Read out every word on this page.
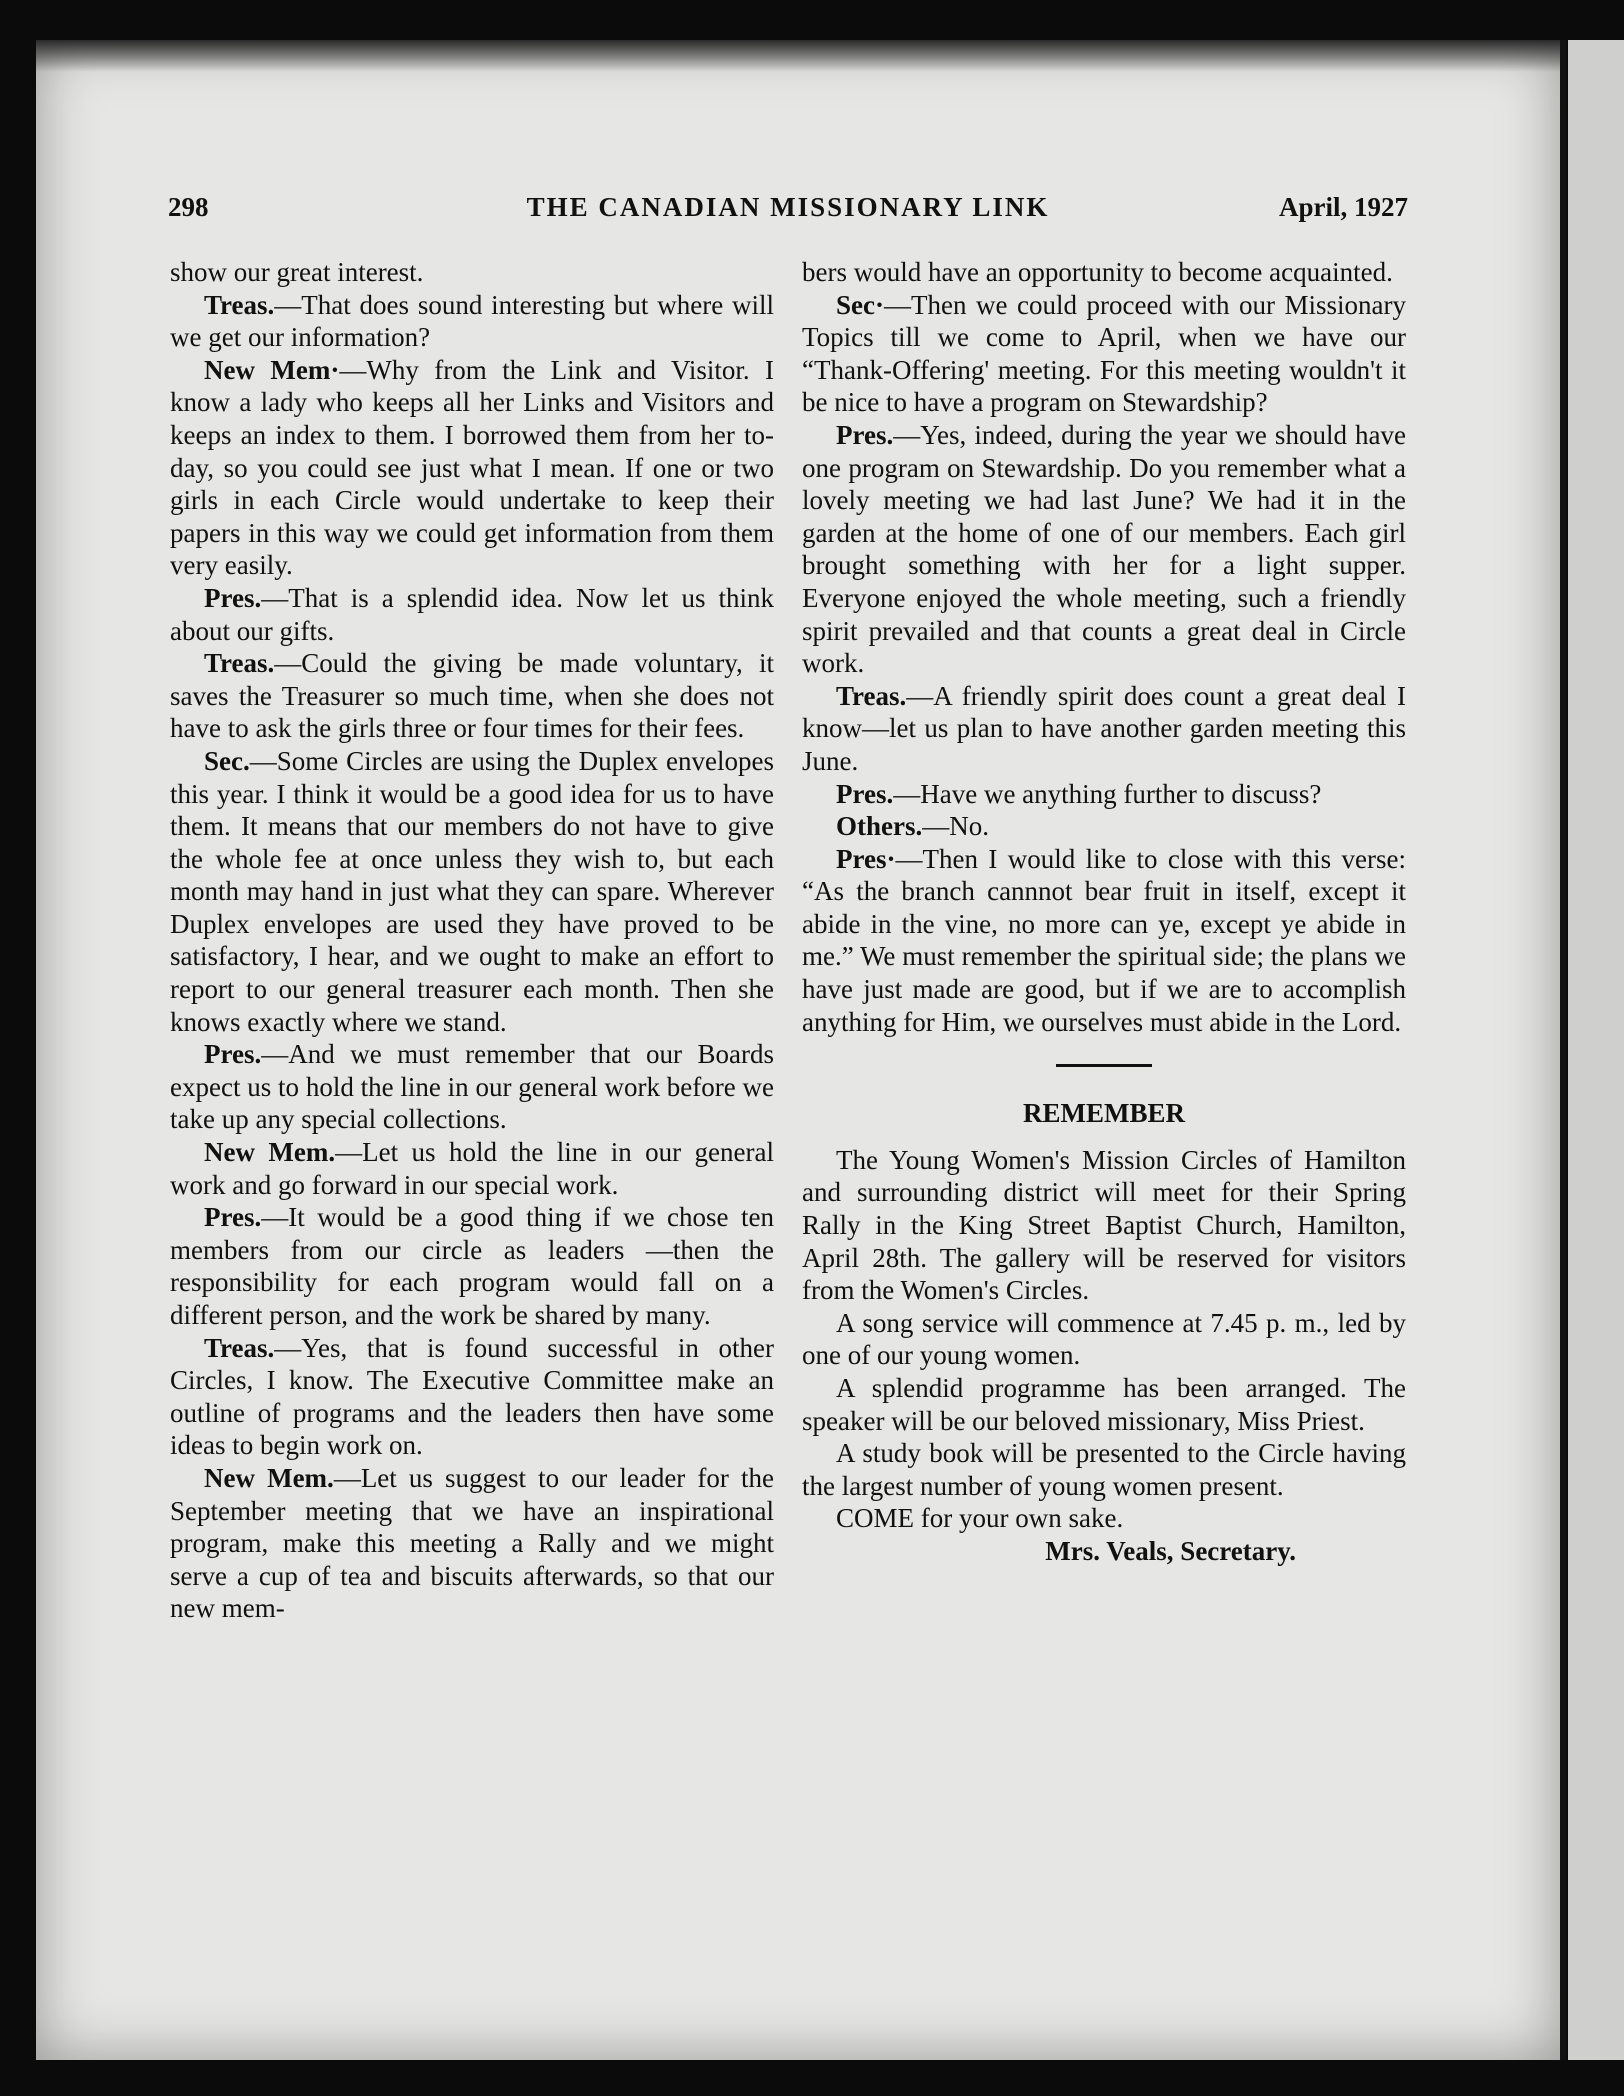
298	THE CANADIAN MISSIONARY LINK	April, 1927

show our great interest.

Treas.—That does sound interesting but where will we get our information?

New Mem·—Why from the Link and Visitor. I know a lady who keeps all her Links and Visitors and keeps an index to them. I borrowed them from her to-day, so you could see just what I mean. If one or two girls in each Circle would undertake to keep their papers in this way we could get information from them very easily.

Pres.—That is a splendid idea. Now let us think about our gifts.

Treas.—Could the giving be made voluntary, it saves the Treasurer so much time, when she does not have to ask the girls three or four times for their fees.

Sec.—Some Circles are using the Duplex envelopes this year. I think it would be a good idea for us to have them. It means that our members do not have to give the whole fee at once unless they wish to, but each month may hand in just what they can spare. Wherever Duplex envelopes are used they have proved to be satisfactory, I hear, and we ought to make an effort to report to our general treasurer each month. Then she knows exactly where we stand.

Pres.—And we must remember that our Boards expect us to hold the line in our general work before we take up any special collections.

New Mem.—Let us hold the line in our general work and go forward in our special work.

Pres.—It would be a good thing if we chose ten members from our circle as leaders —then the responsibility for each program would fall on a different person, and the work be shared by many.

Treas.—Yes, that is found successful in other Circles, I know. The Executive Committee make an outline of programs and the leaders then have some ideas to begin work on.

New Mem.—Let us suggest to our leader for the September meeting that we have an inspirational program, make this meeting a Rally and we might serve a cup of tea and biscuits afterwards, so that our new mem-

bers would have an opportunity to become acquainted.

Sec·—Then we could proceed with our Missionary Topics till we come to April, when we have our “Thank-Offering' meeting. For this meeting wouldn't it be nice to have a program on Stewardship?

Pres.—Yes, indeed, during the year we should have one program on Stewardship. Do you remember what a lovely meeting we had last June? We had it in the garden at the home of one of our members. Each girl brought something with her for a light supper. Everyone enjoyed the whole meeting, such a friendly spirit prevailed and that counts a great deal in Circle work.

Treas.—A friendly spirit does count a great deal I know—let us plan to have another garden meeting this June.

Pres.—Have we anything further to discuss?

Others.—No.

Pres·—Then I would like to close with this verse: “As the branch cannnot bear fruit in itself, except it abide in the vine, no more can ye, except ye abide in me.” We must remember the spiritual side; the plans we have just made are good, but if we are to accomplish anything for Him, we ourselves must abide in the Lord.

REMEMBER

The Young Women's Mission Circles of Hamilton and surrounding district will meet for their Spring Rally in the King Street Baptist Church, Hamilton, April 28th. The gallery will be reserved for visitors from the Women's Circles.

A song service will commence at 7.45 p. m., led by one of our young women.

A splendid programme has been arranged. The speaker will be our beloved missionary, Miss Priest.

A study book will be presented to the Circle having the largest number of young women present.

COME for your own sake.

Mrs. Veals, Secretary.
